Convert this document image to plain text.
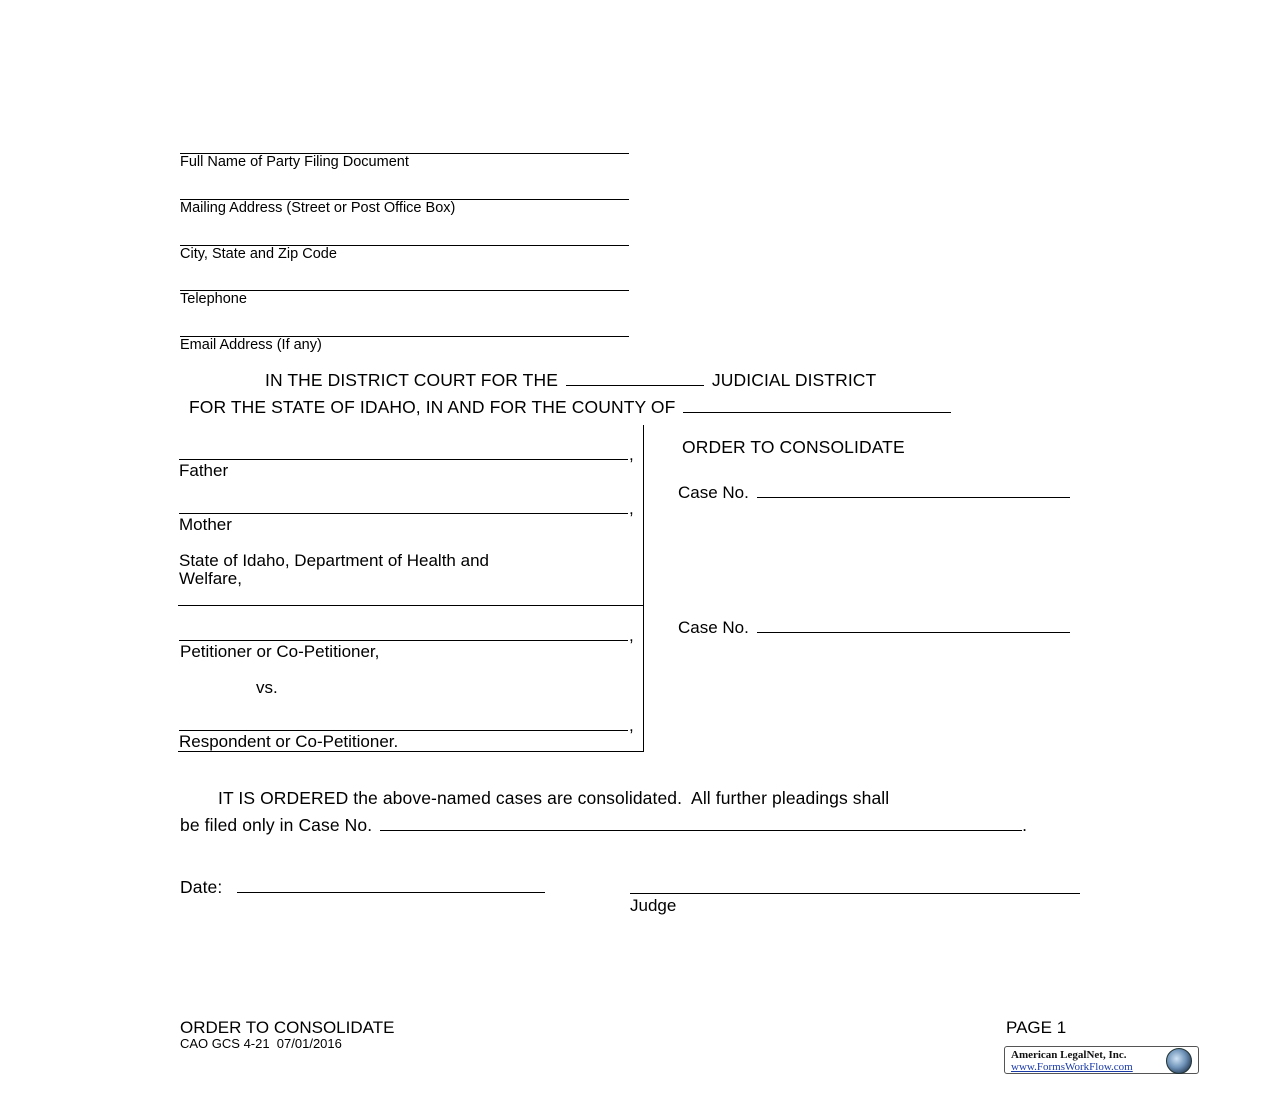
Full Name of Party Filing Document
Mailing Address (Street or Post Office Box)
City, State and Zip Code
Telephone
Email Address (If any)
IN THE DISTRICT COURT FOR THE	JUDICIAL DISTRICT
FOR THE STATE OF IDAHO, IN AND FOR THE COUNTY OF
,
Father
,
Mother
State of Idaho, Department of Health and
Welfare,
,
Petitioner or Co-Petitioner,
vs.
,
Respondent or Co-Petitioner.
ORDER TO CONSOLIDATE
Case No.
Case No.
IT IS ORDERED the above-named cases are consolidated.  All further pleadings shall
be filed only in Case No.	.
Date:
Judge
ORDER TO CONSOLIDATE
CAO GCS 4-21  07/01/2016
PAGE 1
American LegalNet, Inc.
www.FormsWorkFlow.com
